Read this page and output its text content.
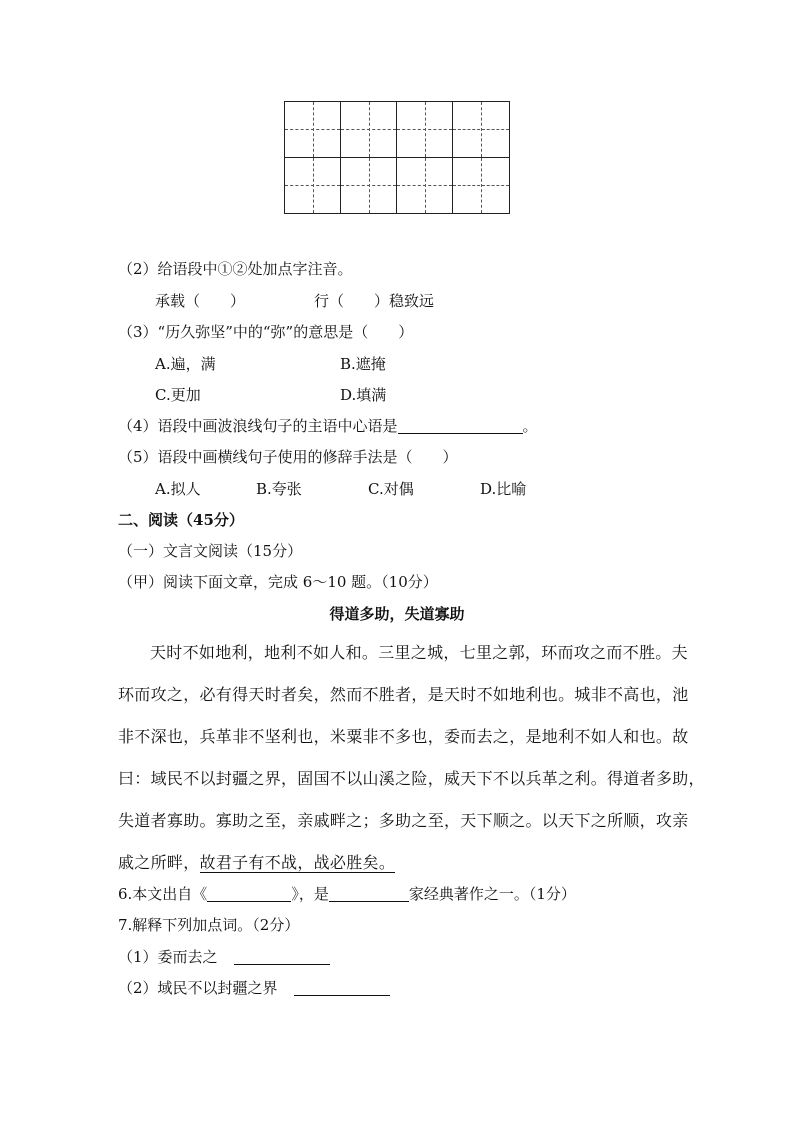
（2）给语段中①②处加点字注音。
承载（　　）	行（　　）稳致远
（3）“历久弥坚”中的“弥”的意思是（　　）
A.遍，满	B.遮掩
C.更加	D.填满
（4）语段中画波浪线句子的主语中心语是	。
（5）语段中画横线句子使用的修辞手法是（　　）
A.拟人	B.夸张	C.对偶	D.比喻
二、阅读（45分）
（一）文言文阅读（15分）
（甲）阅读下面文章，完成 6～10 题。（10分）
得道多助，失道寡助
天时不如地利，地利不如人和。三里之城，七里之郭，环而攻之而不胜。夫
环而攻之，必有得天时者矣，然而不胜者，是天时不如地利也。城非不高也，池
非不深也，兵革非不坚利也，米粟非不多也，委而去之，是地利不如人和也。故
曰：域民不以封疆之界，固国不以山溪之险，威天下不以兵革之利。得道者多助，
失道者寡助。寡助之至，亲戚畔之；多助之至，天下顺之。以天下之所顺，攻亲
戚之所畔，故君子有不战，战必胜矣。
6.本文出自《	》，是	家经典著作之一。（1分）
7.解释下列加点词。（2分）
（1）委而去之
（2）域民不以封疆之界
